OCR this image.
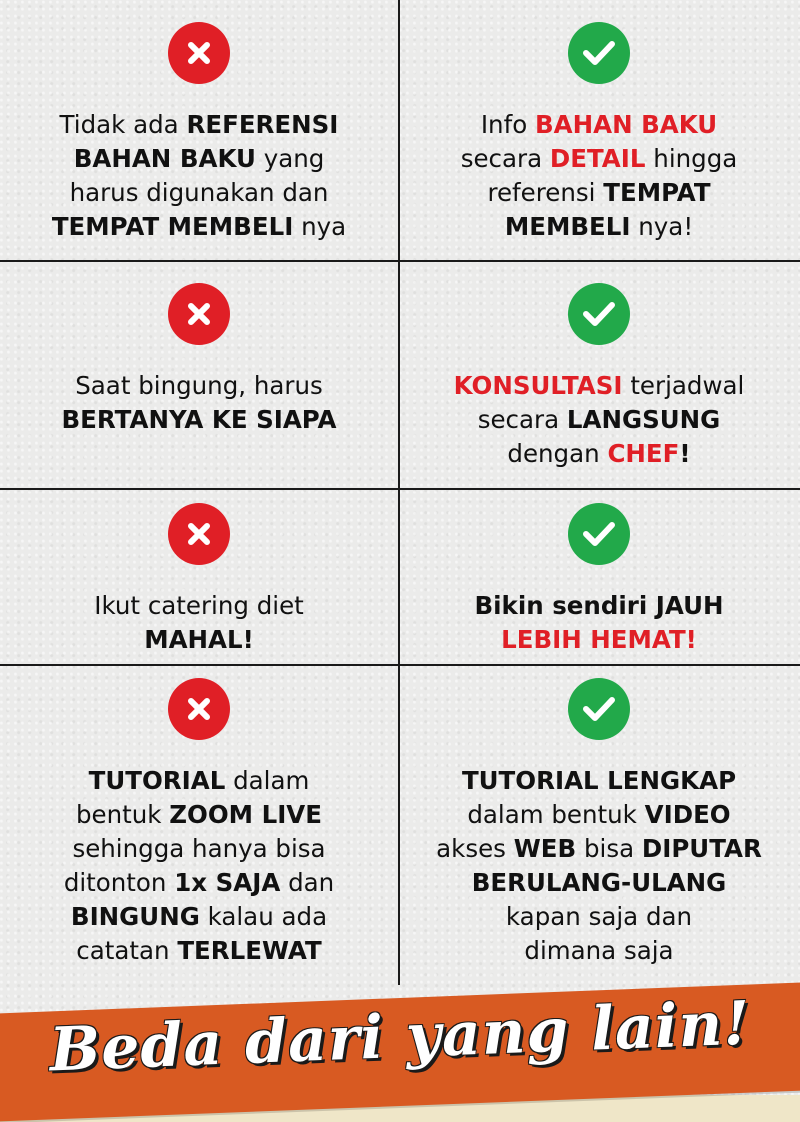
Tidak ada REFERENSI
BAHAN BAKU yang
harus digunakan dan
TEMPAT MEMBELI nya
Info BAHAN BAKU
secara DETAIL hingga
referensi TEMPAT
MEMBELI nya!
Saat bingung, harus
BERTANYA KE SIAPA
KONSULTASI terjadwal
secara LANGSUNG
dengan CHEF!
Ikut catering diet
MAHAL!
Bikin sendiri JAUH
LEBIH HEMAT!
TUTORIAL dalam
bentuk ZOOM LIVE
sehingga hanya bisa
ditonton 1x SAJA dan
BINGUNG kalau ada
catatan TERLEWAT
TUTORIAL LENGKAP
dalam bentuk VIDEO
akses WEB bisa DIPUTAR
BERULANG-ULANG
kapan saja dan
dimana saja
Beda dari yang lain!
